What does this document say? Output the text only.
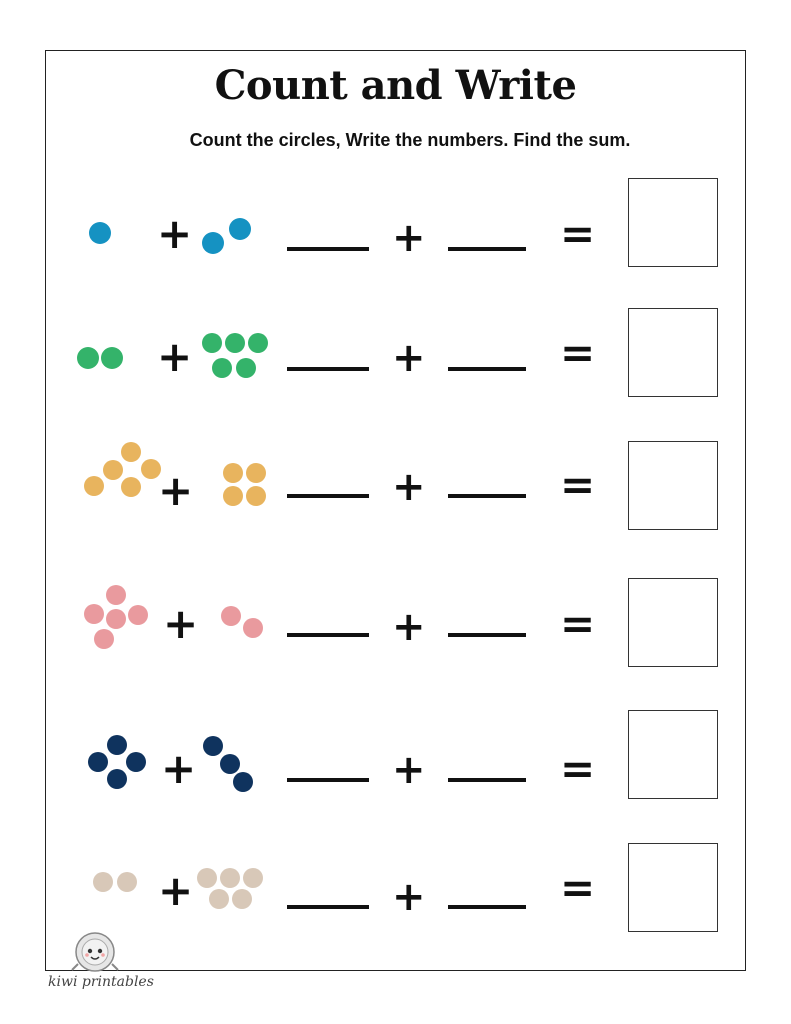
Count and Write
Count the circles, Write the numbers. Find the sum.
+	+	=
+	+	=
+	+	=
+	+	=
+	+	=
+	+	=
kiwi printables
